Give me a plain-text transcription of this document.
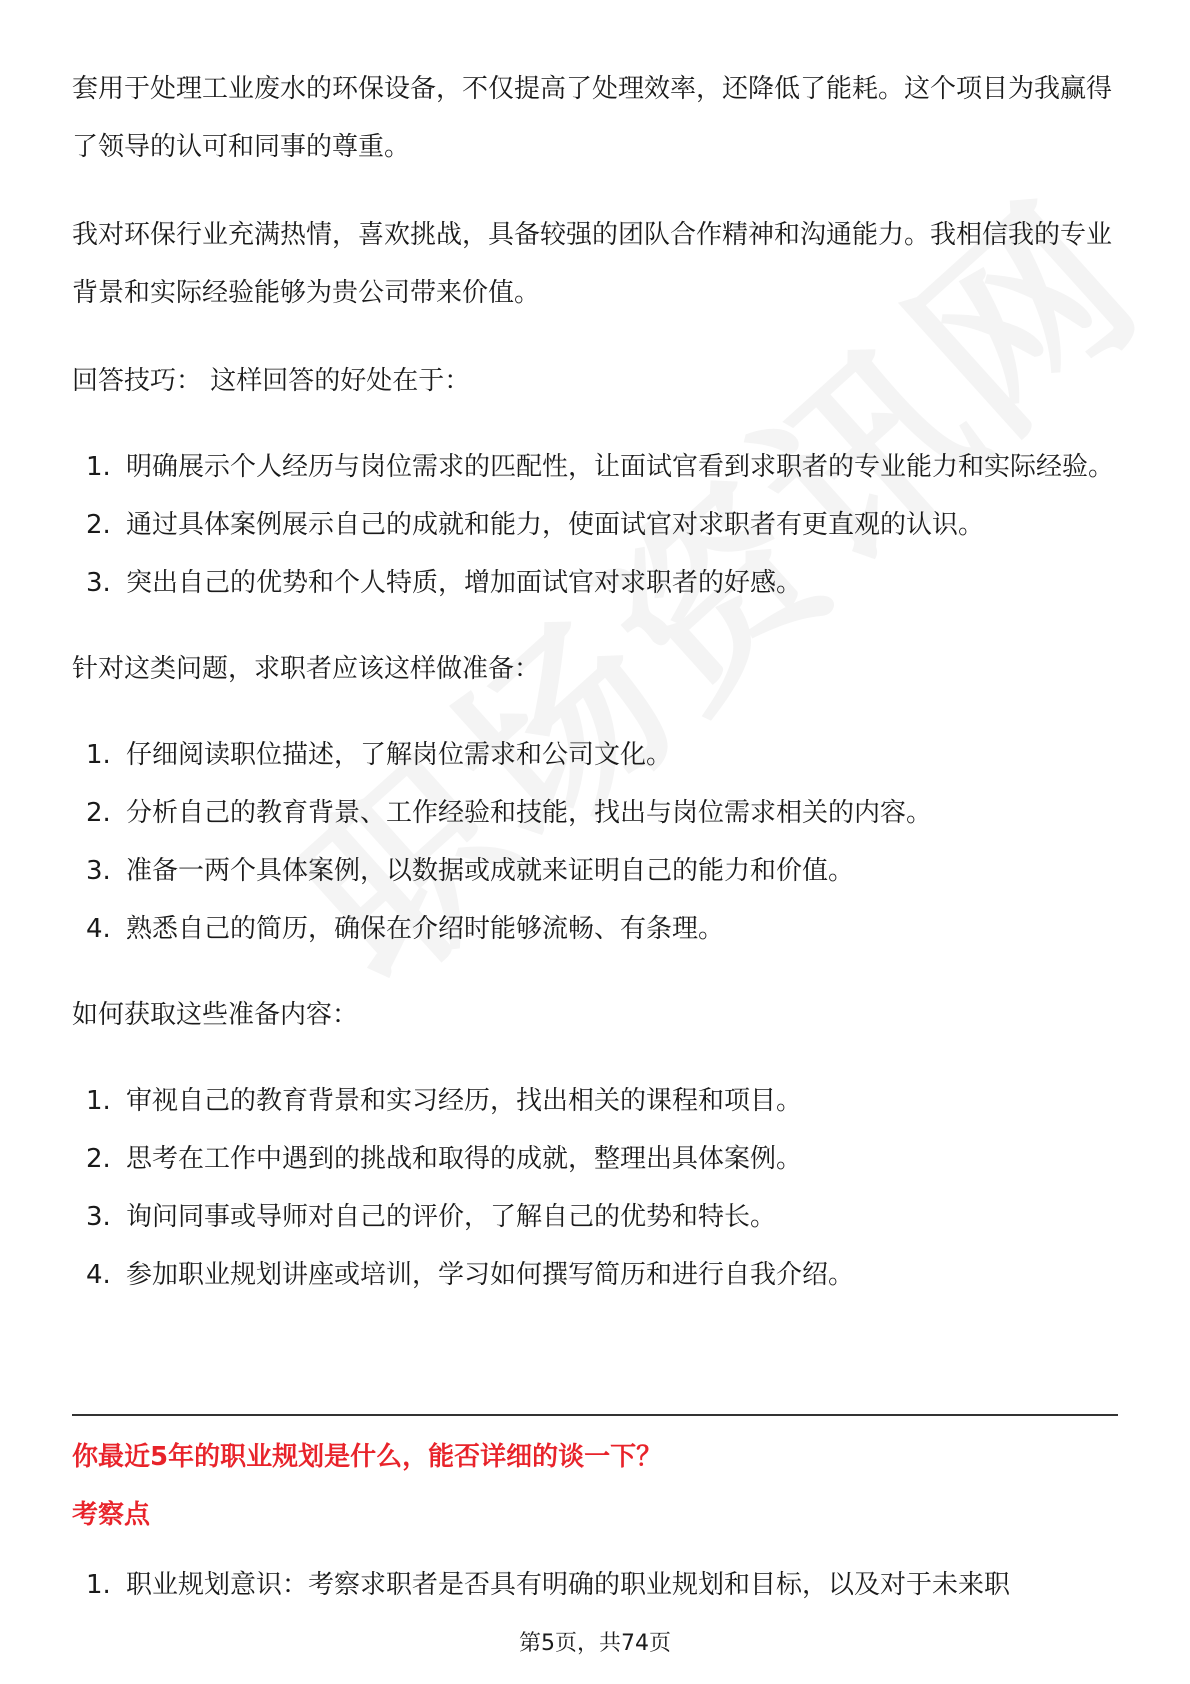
套用于处理工业废水的环保设备，不仅提高了处理效率，还降低了能耗。这个项目为我赢得了领导的认可和同事的尊重。

我对环保行业充满热情，喜欢挑战，具备较强的团队合作精神和沟通能力。我相信我的专业背景和实际经验能够为贵公司带来价值。

回答技巧： 这样回答的好处在于：

1. 明确展示个人经历与岗位需求的匹配性，让面试官看到求职者的专业能力和实际经验。
2. 通过具体案例展示自己的成就和能力，使面试官对求职者有更直观的认识。
3. 突出自己的优势和个人特质，增加面试官对求职者的好感。

针对这类问题，求职者应该这样做准备：

1. 仔细阅读职位描述，了解岗位需求和公司文化。
2. 分析自己的教育背景、工作经验和技能，找出与岗位需求相关的内容。
3. 准备一两个具体案例，以数据或成就来证明自己的能力和价值。
4. 熟悉自己的简历，确保在介绍时能够流畅、有条理。

如何获取这些准备内容：

1. 审视自己的教育背景和实习经历，找出相关的课程和项目。
2. 思考在工作中遇到的挑战和取得的成就，整理出具体案例。
3. 询问同事或导师对自己的评价，了解自己的优势和特长。
4. 参加职业规划讲座或培训，学习如何撰写简历和进行自我介绍。
你最近5年的职业规划是什么，能否详细的谈一下？
考察点
1. 职业规划意识：考察求职者是否具有明确的职业规划和目标，以及对于未来职
第5页，共74页
